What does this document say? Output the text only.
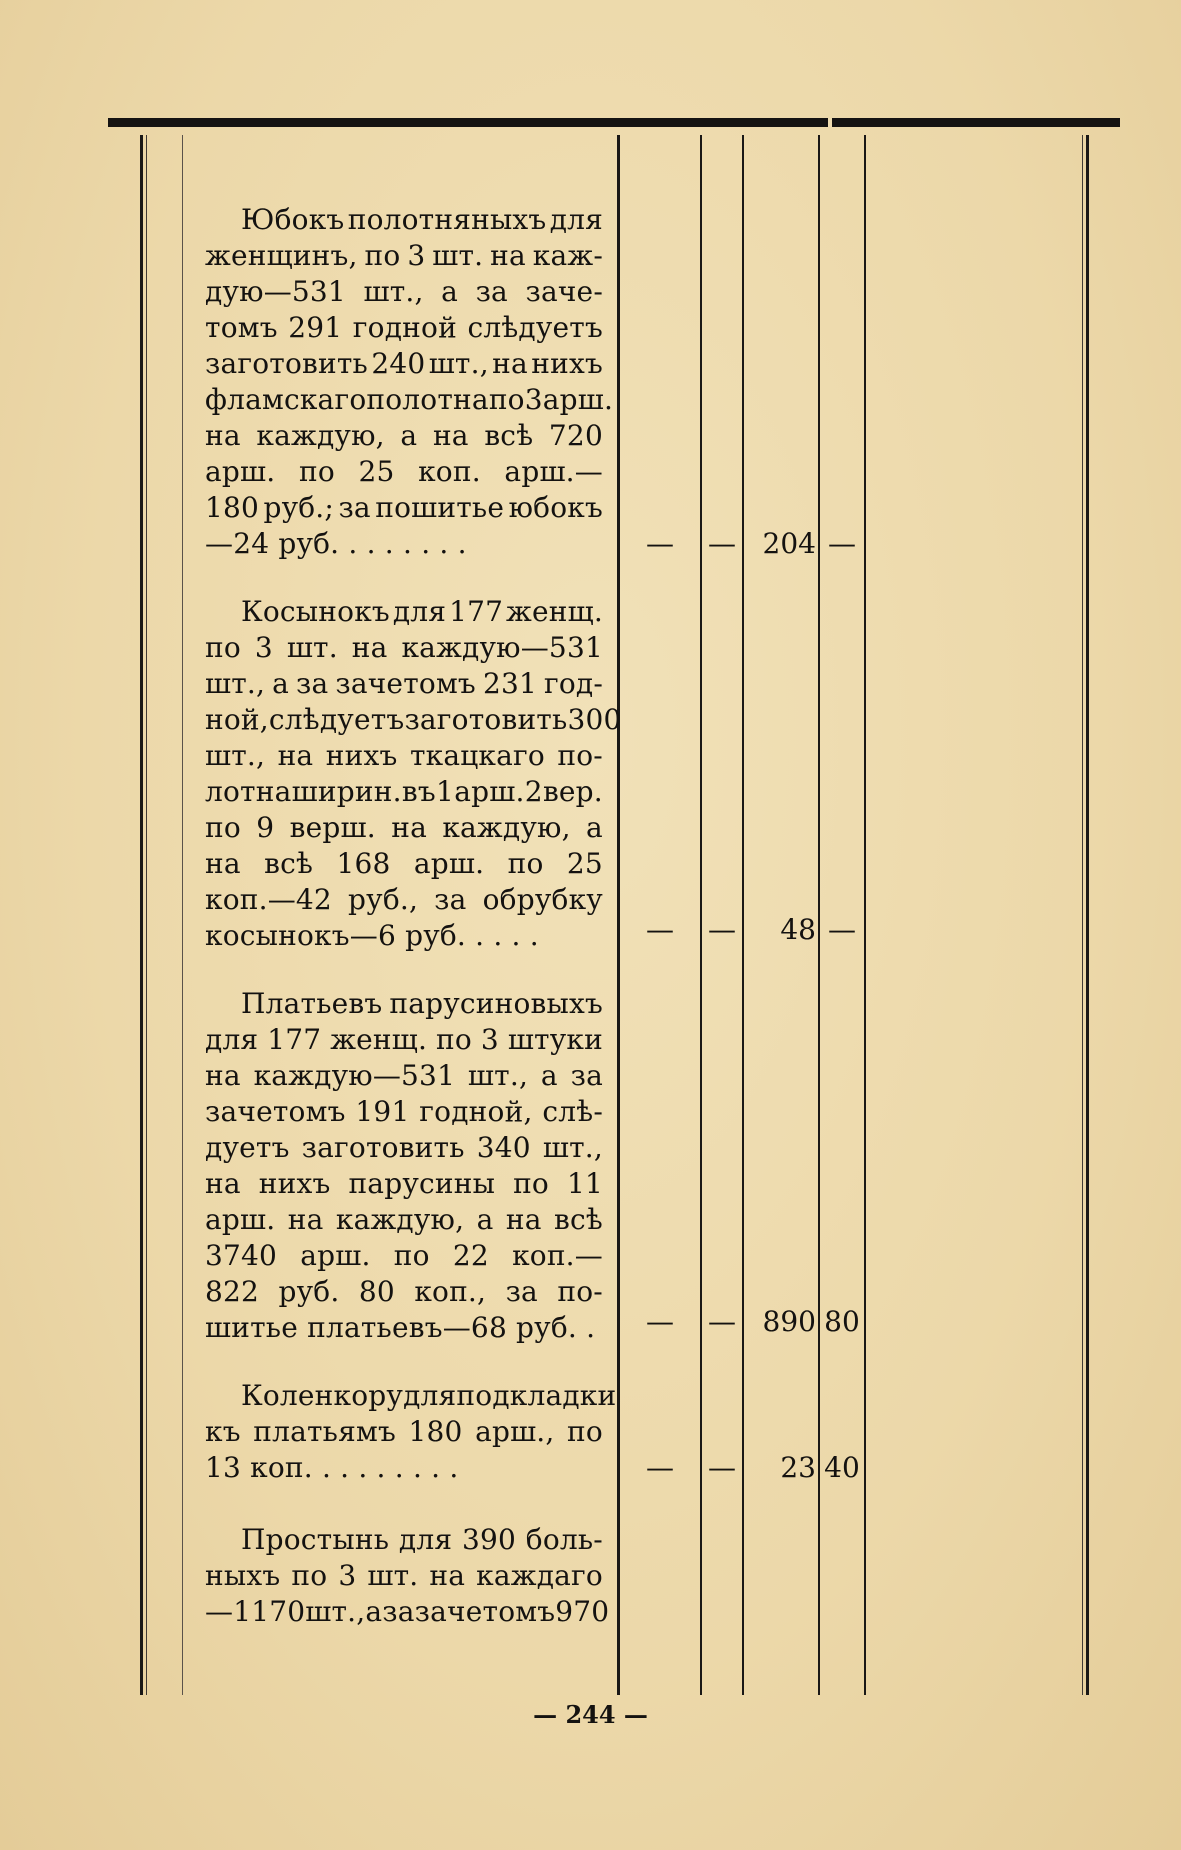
Юбокъ полотняныхъ для
женщинъ, по 3 шт. на каж-
дую—531 шт., а за заче-
томъ 291 годной слѣдуетъ
заготовить 240 шт., на нихъ
фламскаго полотна по 3 арш.
на каждую, а на всѣ 720
арш. по 25 коп. арш.—
180 руб.; за пошитье юбокъ
—24 руб. . . . . . . .	— — 204 —
Косынокъ для 177 женщ.
по 3 шт. на каждую—531
шт., а за зачетомъ 231 год-
ной, слѣдуетъ заготовить 300
шт., на нихъ ткацкаго по-
лотна ширин. въ 1 арш. 2 вер.
по 9 верш. на каждую, а
на всѣ 168 арш. по 25
коп.—42 руб., за обрубку
косынокъ—6 руб. . . . .	— —	48 —
Платьевъ парусиновыхъ
для 177 женщ. по 3 штуки
на каждую—531 шт., а за
зачетомъ 191 годной, слѣ-
дуетъ заготовить 340 шт.,
на нихъ парусины по 11
арш. на каждую, а на всѣ
3740 арш. по 22 коп.—
822 руб. 80 коп., за по-
шитье платьевъ—68 руб. . — — 890 80
Коленкору для подкладки
къ платьямъ 180 арш., по
13 коп. . . . . . . . .	— —	23 40
Простынь для 390 боль-
ныхъ по 3 шт. на каждаго
—1170 шт., а за зачетомъ 970
— 244 —
